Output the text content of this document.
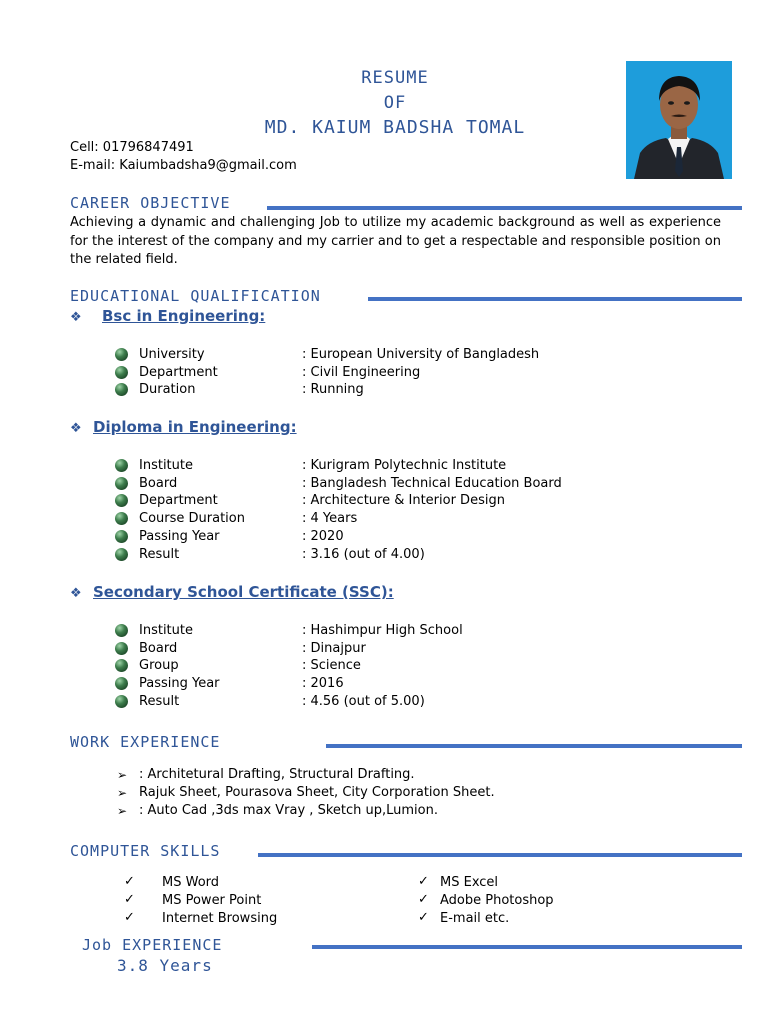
RESUME
OF
MD. KAIUM BADSHA TOMAL
Cell: 01796847491
E-mail: Kaiumbadsha9@gmail.com
CAREER OBJECTIVE
Achieving a dynamic and challenging Job to utilize my academic background as well as experience for the interest of the company and my carrier and to get a respectable and responsible position on the related field.
EDUCATIONAL QUALIFICATION
❖ Bsc in Engineering:
University	: European University of Bangladesh
Department	: Civil Engineering
Duration	: Running
❖ Diploma in Engineering:
Institute	: Kurigram Polytechnic Institute
Board	: Bangladesh Technical Education Board
Department	: Architecture & Interior Design
Course Duration	: 4 Years
Passing Year	: 2020
Result	: 3.16 (out of 4.00)
❖ Secondary School Certificate (SSC):
Institute	: Hashimpur High School
Board	: Dinajpur
Group	: Science
Passing Year	: 2016
Result	: 4.56 (out of 5.00)
WORK EXPERIENCE
➢ : Architetural Drafting, Structural Drafting.
➢ Rajuk Sheet, Pourasova Sheet, City Corporation Sheet.
➢ : Auto Cad ,3ds max Vray , Sketch up,Lumion.
COMPUTER SKILLS
✓ MS Word
✓ MS Power Point
✓ Internet Browsing
✓ MS Excel
✓ Adobe Photoshop
✓ E-mail etc.
Job EXPERIENCE
3.8 Years
